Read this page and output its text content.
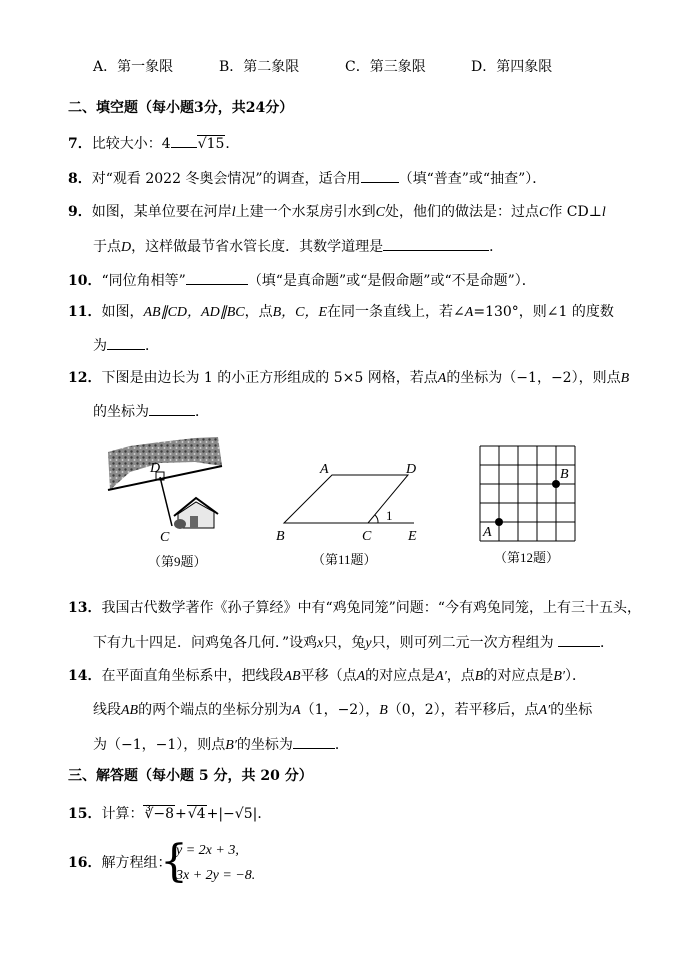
A．第一象限	B．第二象限	C．第三象限	D．第四象限
二、填空题（每小题3分，共24分）
7．比较大小：4 √15．
8．对“观看 2022 冬奥会情况”的调查，适合用	（填“普查”或“抽查”）．
9．如图，某单位要在河岸l上建一个水泵房引水到C处，他们的做法是：过点C作 CD⊥l
于点D，这样做最节省水管长度．其数学道理是	．
10．“同位角相等”	（填“是真命题”或“是假命题”或“不是命题”）．
11．如图，AB∥CD，AD∥BC，点B，C，E在同一条直线上，若∠A=130°，则∠1 的度数
为	．
12．下图是由边长为 1 的小正方形组成的 5×5 网格，若点A的坐标为（−1，−2），则点B
的坐标为	．
D
C
（第9题）
A	D
B	C	E
1
（第11题）
A
B
（第12题）
13．我国古代数学著作《孙子算经》中有“鸡兔同笼”问题：“今有鸡兔同笼，上有三十五头，
下有九十四足．问鸡兔各几何．”设鸡x只，兔y只，则可列二元一次方程组为	．
14．在平面直角坐标系中，把线段AB平移（点A的对应点是A′，点B的对应点是B′）．
线段AB的两个端点的坐标分别为A（1，−2），B（0，2），若平移后，点A′的坐标
为（−1，−1），则点B′的坐标为	．
三、解答题（每小题 5 分，共 20 分）
15．计算：∛−8+√4+|−√5|．
16．解方程组：
{
y = 2x + 3,
3x + 2y = −8.
